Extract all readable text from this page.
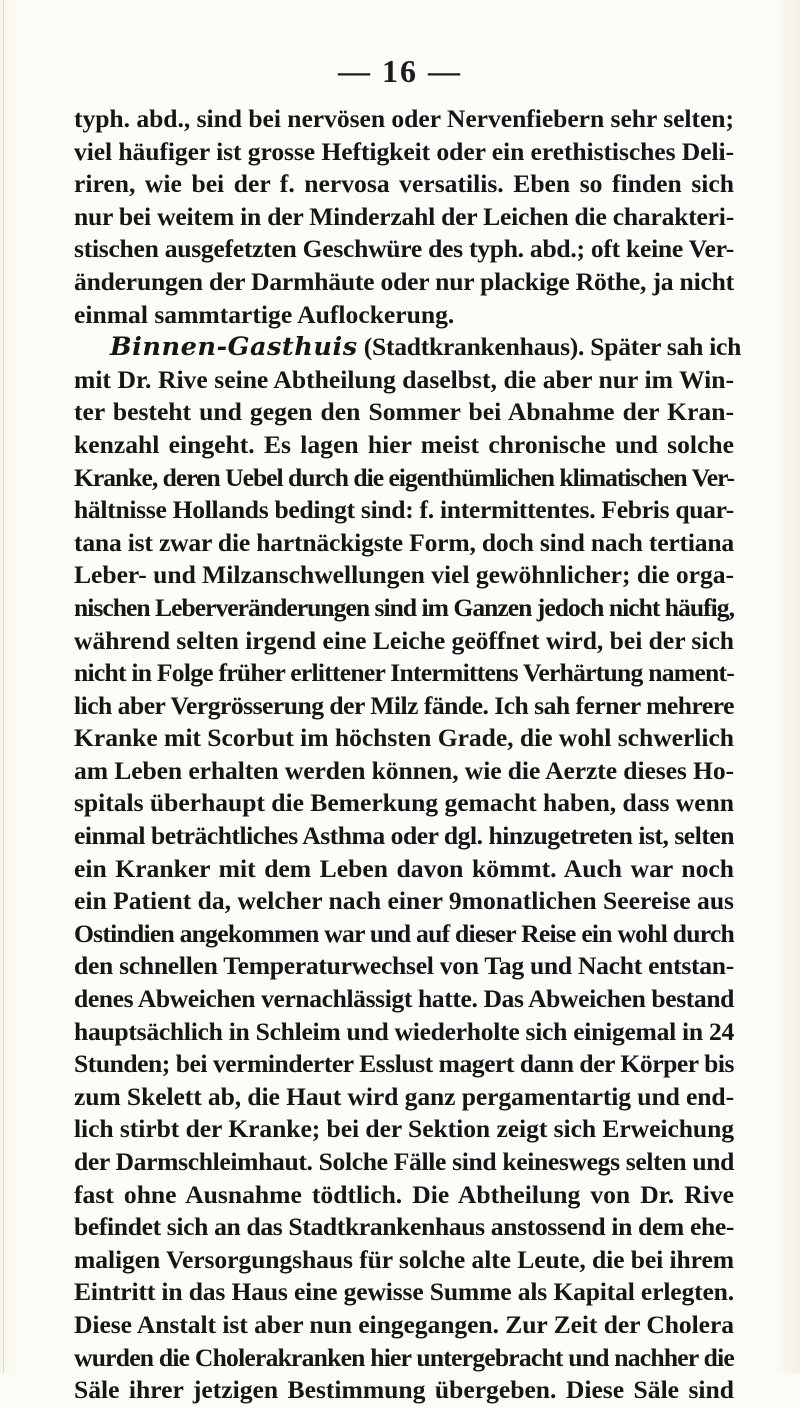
— 16 —
typh. abd., sind bei nervösen oder Nervenfiebern sehr selten;
viel häufiger ist grosse Heftigkeit oder ein erethistisches Deli-
riren, wie bei der f. nervosa versatilis. Eben so finden sich
nur bei weitem in der Minderzahl der Leichen die charakteri-
stischen ausgefetzten Geschwüre des typh. abd.; oft keine Ver-
änderungen der Darmhäute oder nur plackige Röthe, ja nicht
einmal sammtartige Auflockerung.
Binnen-Gasthuis (Stadtkrankenhaus). Später sah ich
mit Dr. Rive seine Abtheilung daselbst, die aber nur im Win-
ter besteht und gegen den Sommer bei Abnahme der Kran-
kenzahl eingeht. Es lagen hier meist chronische und solche
Kranke, deren Uebel durch die eigenthümlichen klimatischen Ver-
hältnisse Hollands bedingt sind: f. intermittentes. Febris quar-
tana ist zwar die hartnäckigste Form, doch sind nach tertiana
Leber- und Milzanschwellungen viel gewöhnlicher; die orga-
nischen Leberveränderungen sind im Ganzen jedoch nicht häufig,
während selten irgend eine Leiche geöffnet wird, bei der sich
nicht in Folge früher erlittener Intermittens Verhärtung nament-
lich aber Vergrösserung der Milz fände. Ich sah ferner mehrere
Kranke mit Scorbut im höchsten Grade, die wohl schwerlich
am Leben erhalten werden können, wie die Aerzte dieses Ho-
spitals überhaupt die Bemerkung gemacht haben, dass wenn
einmal beträchtliches Asthma oder dgl. hinzugetreten ist, selten
ein Kranker mit dem Leben davon kömmt. Auch war noch
ein Patient da, welcher nach einer 9monatlichen Seereise aus
Ostindien angekommen war und auf dieser Reise ein wohl durch
den schnellen Temperaturwechsel von Tag und Nacht entstan-
denes Abweichen vernachlässigt hatte. Das Abweichen bestand
hauptsächlich in Schleim und wiederholte sich einigemal in 24
Stunden; bei verminderter Esslust magert dann der Körper bis
zum Skelett ab, die Haut wird ganz pergamentartig und end-
lich stirbt der Kranke; bei der Sektion zeigt sich Erweichung
der Darmschleimhaut. Solche Fälle sind keineswegs selten und
fast ohne Ausnahme tödtlich. Die Abtheilung von Dr. Rive
befindet sich an das Stadtkrankenhaus anstossend in dem ehe-
maligen Versorgungshaus für solche alte Leute, die bei ihrem
Eintritt in das Haus eine gewisse Summe als Kapital erlegten.
Diese Anstalt ist aber nun eingegangen. Zur Zeit der Cholera
wurden die Cholerakranken hier untergebracht und nachher die
Säle ihrer jetzigen Bestimmung übergeben. Diese Säle sind
